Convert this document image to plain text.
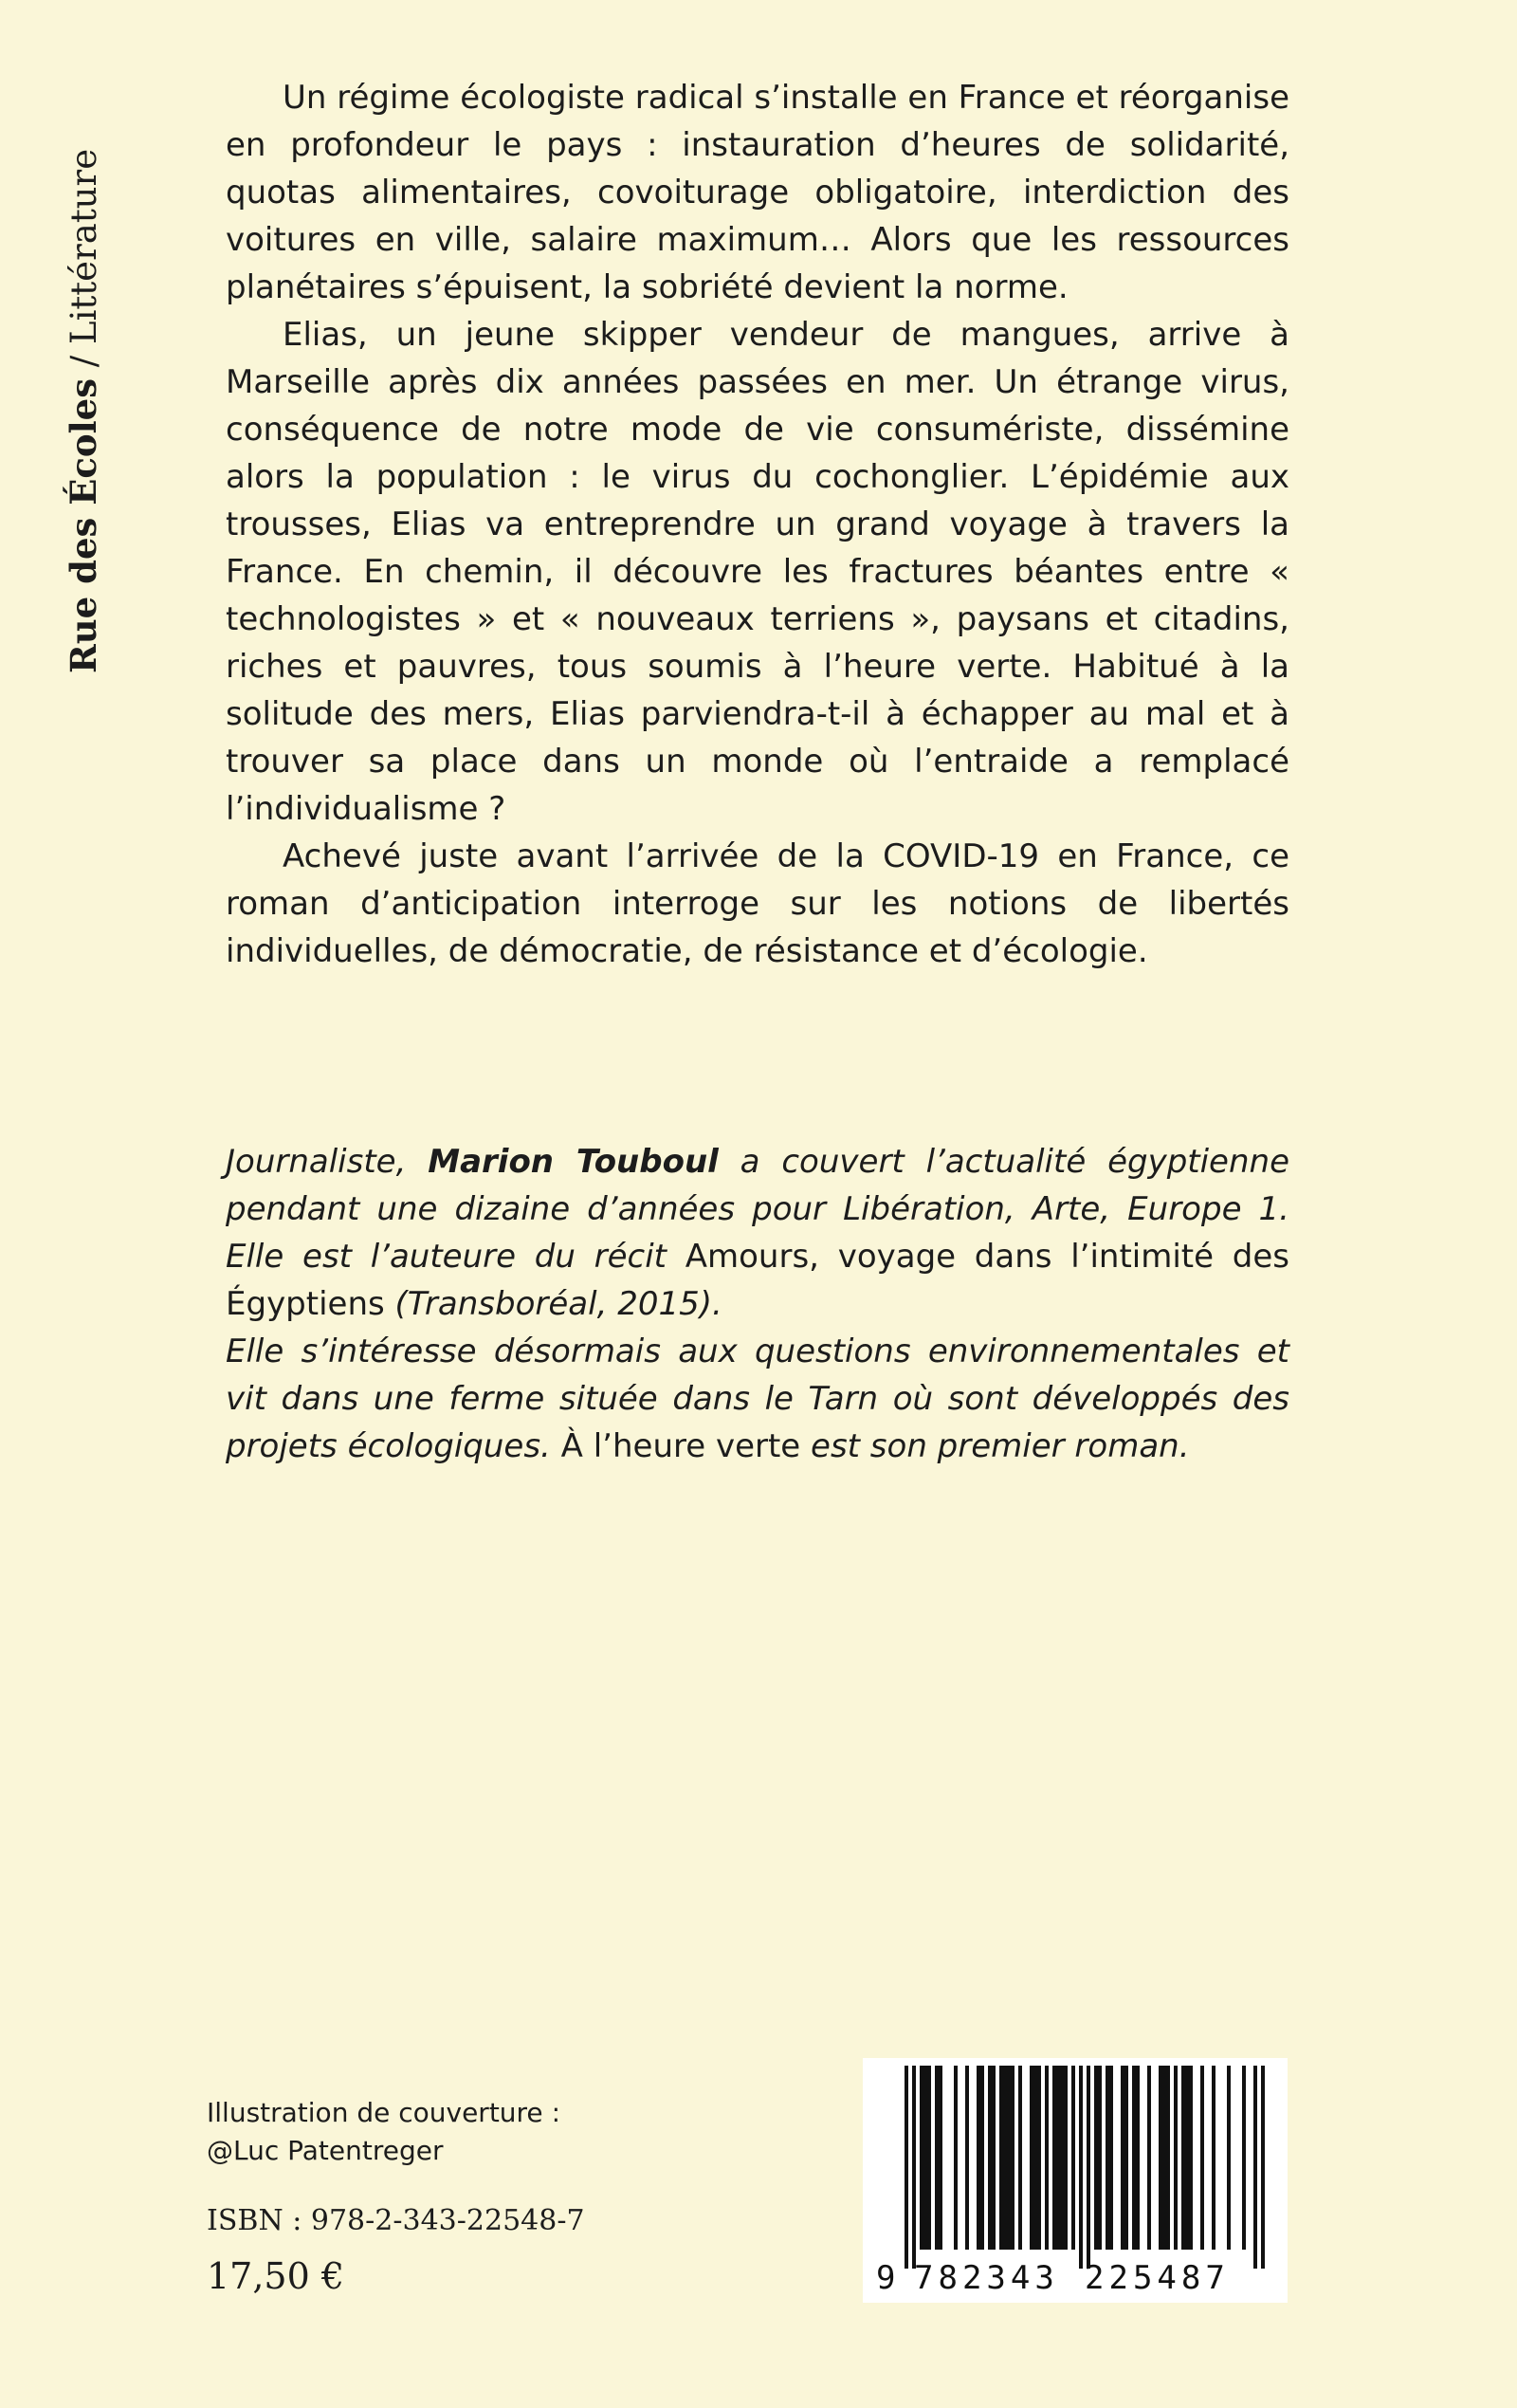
Rue des Écoles / Littérature

Un régime écologiste radical s’installe en France et réorganise en profondeur le pays : instauration d’heures de solidarité, quotas alimentaires, covoiturage obligatoire, interdiction des voitures en ville, salaire maximum… Alors que les ressources planétaires s’épuisent, la sobriété devient la norme.

Elias, un jeune skipper vendeur de mangues, arrive à Marseille après dix années passées en mer. Un étrange virus, conséquence de notre mode de vie consumériste, dissémine alors la population : le virus du cochonglier. L’épidémie aux trousses, Elias va entreprendre un grand voyage à travers la France. En chemin, il découvre les fractures béantes entre « technologistes » et « nouveaux terriens », paysans et citadins, riches et pauvres, tous soumis à l’heure verte. Habitué à la solitude des mers, Elias parviendra-t-il à échapper au mal et à trouver sa place dans un monde où l’entraide a remplacé l’individualisme ?

Achevé juste avant l’arrivée de la COVID-19 en France, ce roman d’anticipation interroge sur les notions de libertés individuelles, de démocratie, de résistance et d’écologie.

Journaliste, Marion Touboul a couvert l’actualité égyptienne pendant une dizaine d’années pour Libération, Arte, Europe 1. Elle est l’auteure du récit Amours, voyage dans l’intimité des Égyptiens (Transboréal, 2015).

Elle s’intéresse désormais aux questions environnementales et vit dans une ferme située dans le Tarn où sont développés des projets écologiques. À l’heure verte est son premier roman.

Illustration de couverture :
@Luc Patentreger
ISBN : 978-2-343-22548-7
17,50 €	9 782343 225487
